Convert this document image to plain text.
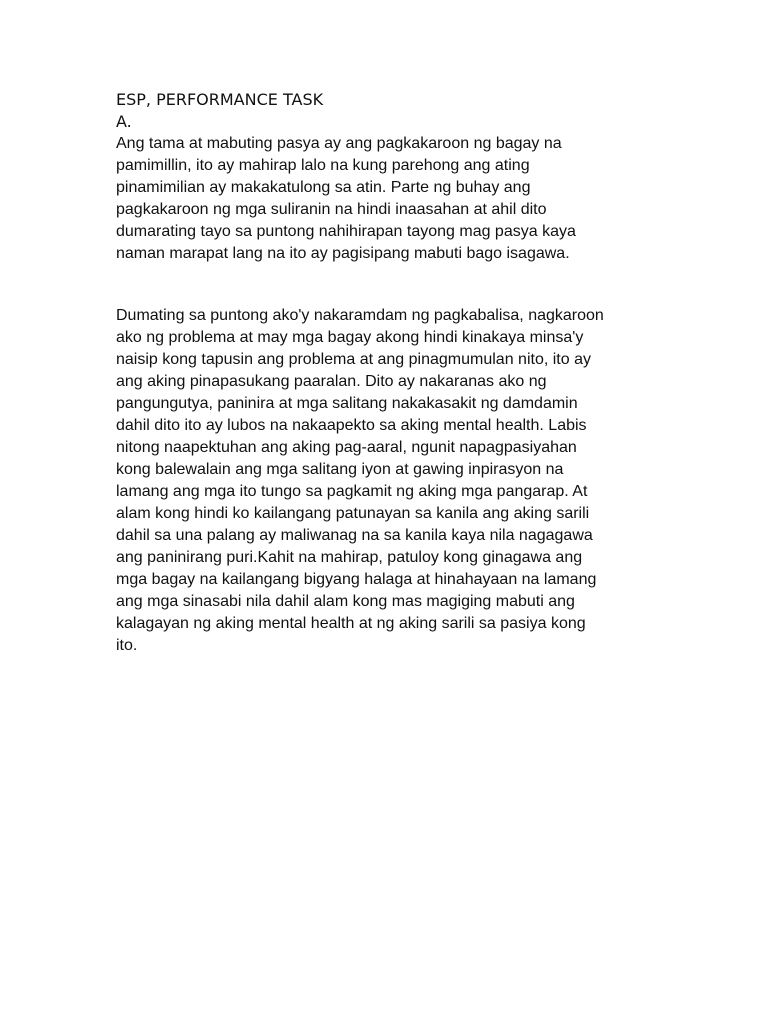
ESP, PERFORMANCE TASK
A.
Ang tama at mabuting pasya ay ang pagkakaroon ng bagay na
pamimillin, ito ay mahirap lalo na kung parehong ang ating
pinamimilian ay makakatulong sa atin. Parte ng buhay ang
pagkakaroon ng mga suliranin na hindi inaasahan at ahil dito
dumarating tayo sa puntong nahihirapan tayong mag pasya kaya
naman marapat lang na ito ay pagisipang mabuti bago isagawa.
Dumating sa puntong ako'y nakaramdam ng pagkabalisa, nagkaroon
ako ng problema at may mga bagay akong hindi kinakaya minsa'y
naisip kong tapusin ang problema at ang pinagmumulan nito, ito ay
ang aking pinapasukang paaralan. Dito ay nakaranas ako ng
pangungutya, paninira at mga salitang nakakasakit ng damdamin
dahil dito ito ay lubos na nakaapekto sa aking mental health. Labis
nitong naapektuhan ang aking pag-aaral, ngunit napagpasiyahan
kong balewalain ang mga salitang iyon at gawing inpirasyon na
lamang ang mga ito tungo sa pagkamit ng aking mga pangarap. At
alam kong hindi ko kailangang patunayan sa kanila ang aking sarili
dahil sa una palang ay maliwanag na sa kanila kaya nila nagagawa
ang paninirang puri.Kahit na mahirap, patuloy kong ginagawa ang
mga bagay na kailangang bigyang halaga at hinahayaan na lamang
ang mga sinasabi nila dahil alam kong mas magiging mabuti ang
kalagayan ng aking mental health at ng aking sarili sa pasiya kong
ito.
